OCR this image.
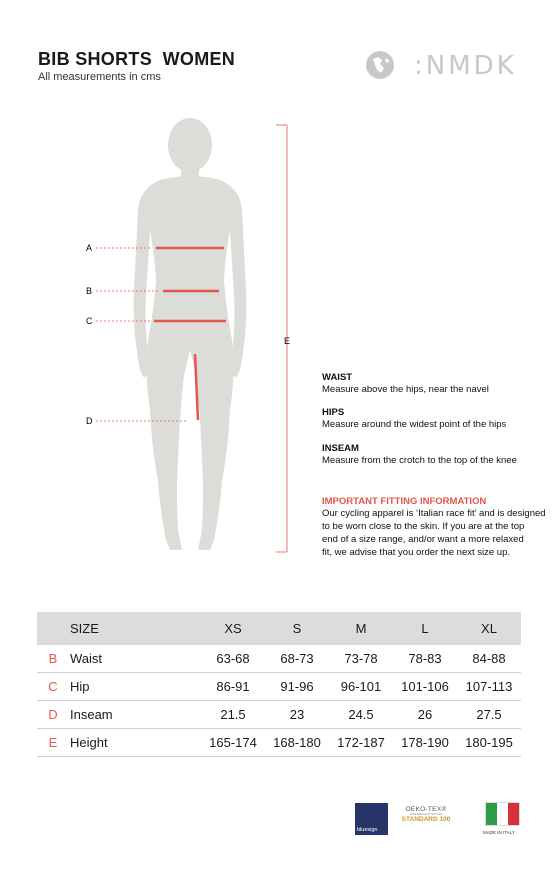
BIB SHORTS  WOMEN
All measurements in cms	:NMDK
A
B
C
D
E
WAIST
Measure above the hips, near the navel
HIPS
Measure around the widest point of the hips
INSEAM
Measure from the crotch to the top of the knee
IMPORTANT FITTING INFORMATION
Our cycling apparel is ‘Italian race fit’ and is designed
to be worn close to the skin. If you are at the top
end of a size range, and/or want a more relaxed
fit, we advise that you order the next size up.
	SIZE	XS	S	M	L	XL
B	Waist	63-68	68-73	73-78	78-83	84-88
C	Hip	86-91	91-96	96-101	101-106	107-113
D	Inseam	21.5	23	24.5	26	27.5
E	Height	165-174	168-180	172-187	178-190	180-195
bluesign
OEKO-TEX®
CONFIDENCE IN TEXTILES
STANDARD 100
MADE IN ITALY
